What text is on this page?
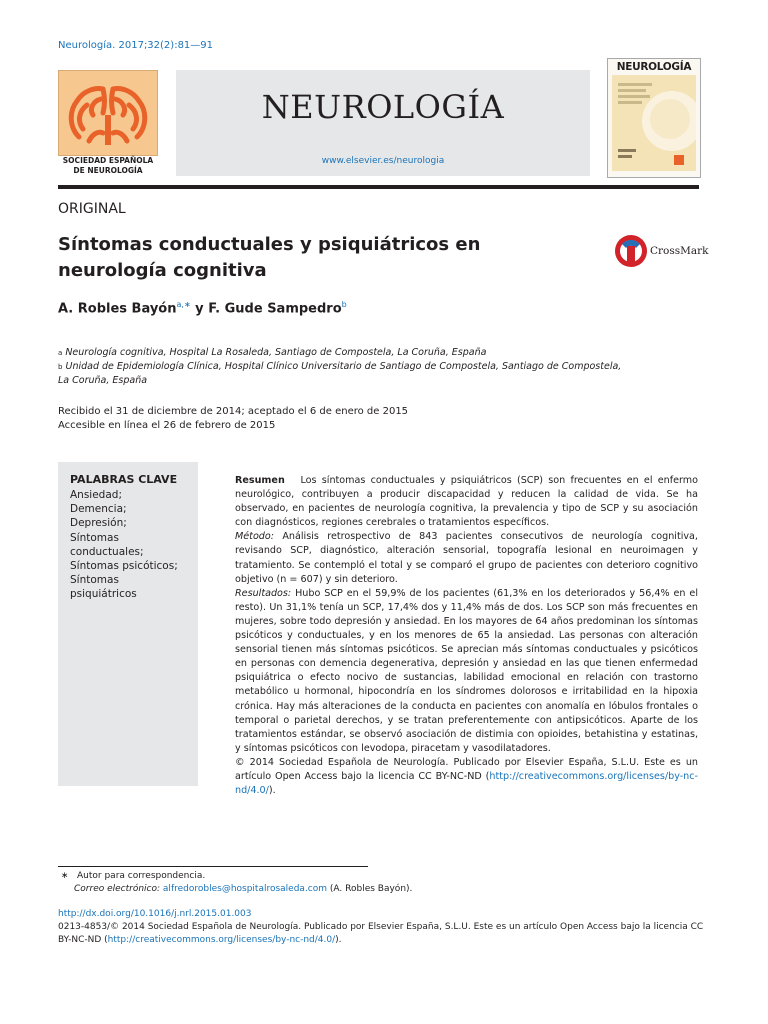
Neurología. 2017;32(2):81—91
SOCIEDAD ESPAÑOLA
DE NEUROLOGÍA
NEUROLOGÍA
www.elsevier.es/neurologia
NEUROLOGÍA
ORIGINAL
Síntomas conductuales y psiquiátricos en
neurología cognitiva
CrossMark
A. Robles Bayón$^{a,∗}$ y F. Gude Sampedro$^b$
$^a$ Neurología cognitiva, Hospital La Rosaleda, Santiago de Compostela, La Coruña, España
$^b$ Unidad de Epidemiología Clínica, Hospital Clínico Universitario de Santiago de Compostela, Santiago de Compostela,
La Coruña, España
Recibido el 31 de diciembre de 2014; aceptado el 6 de enero de 2015
Accesible en línea el 26 de febrero de 2015
PALABRAS CLAVE
Ansiedad;
Demencia;
Depresión;
Síntomas
conductuales;
Síntomas psicóticos;
Síntomas
psiquiátricos

Resumen Los síntomas conductuales y psiquiátricos (SCP) son frecuentes en el enfermo neurológico, contribuyen a producir discapacidad y reducen la calidad de vida. Se ha observado, en pacientes de neurología cognitiva, la prevalencia y tipo de SCP y su asociación con diagnósticos, regiones cerebrales o tratamientos específicos.

Método: Análisis retrospectivo de 843 pacientes consecutivos de neurología cognitiva, revisando SCP, diagnóstico, alteración sensorial, topografía lesional en neuroimagen y tratamiento. Se contempló el total y se comparó el grupo de pacientes con deterioro cognitivo objetivo (n = 607) y sin deterioro.

Resultados: Hubo SCP en el 59,9% de los pacientes (61,3% en los deteriorados y 56,4% en el resto). Un 31,1% tenía un SCP, 17,4% dos y 11,4% más de dos. Los SCP son más frecuentes en mujeres, sobre todo depresión y ansiedad. En los mayores de 64 años predominan los síntomas psicóticos y conductuales, y en los menores de 65 la ansiedad. Las personas con alteración sensorial tienen más síntomas psicóticos. Se aprecian más síntomas conductuales y psicóticos en personas con demencia degenerativa, depresión y ansiedad en las que tienen enfermedad psiquiátrica o efecto nocivo de sustancias, labilidad emocional en relación con trastorno metabólico u hormonal, hipocondría en los síndromes dolorosos e irritabilidad en la hipoxia crónica. Hay más alteraciones de la conducta en pacientes con anomalía en lóbulos frontales o temporal o parietal derechos, y se tratan preferentemente con antipsicóticos. Aparte de los tratamientos estándar, se observó asociación de distimia con opioides, betahistina y estatinas, y síntomas psicóticos con levodopa, piracetam y vasodilatadores.

© 2014 Sociedad Española de Neurología. Publicado por Elsevier España, S.L.U. Este es un artículo Open Access bajo la licencia CC BY-NC-ND (http://creativecommons.org/licenses/by-nc-nd/4.0/).

∗ Autor para correspondencia.
Correo electrónico: alfredorobles@hospitalrosaleda.com (A. Robles Bayón).
http://dx.doi.org/10.1016/j.nrl.2015.01.003
0213-4853/© 2014 Sociedad Española de Neurología. Publicado por Elsevier España, S.L.U. Este es un artículo Open Access bajo la licencia CC BY-NC-ND (http://creativecommons.org/licenses/by-nc-nd/4.0/).
